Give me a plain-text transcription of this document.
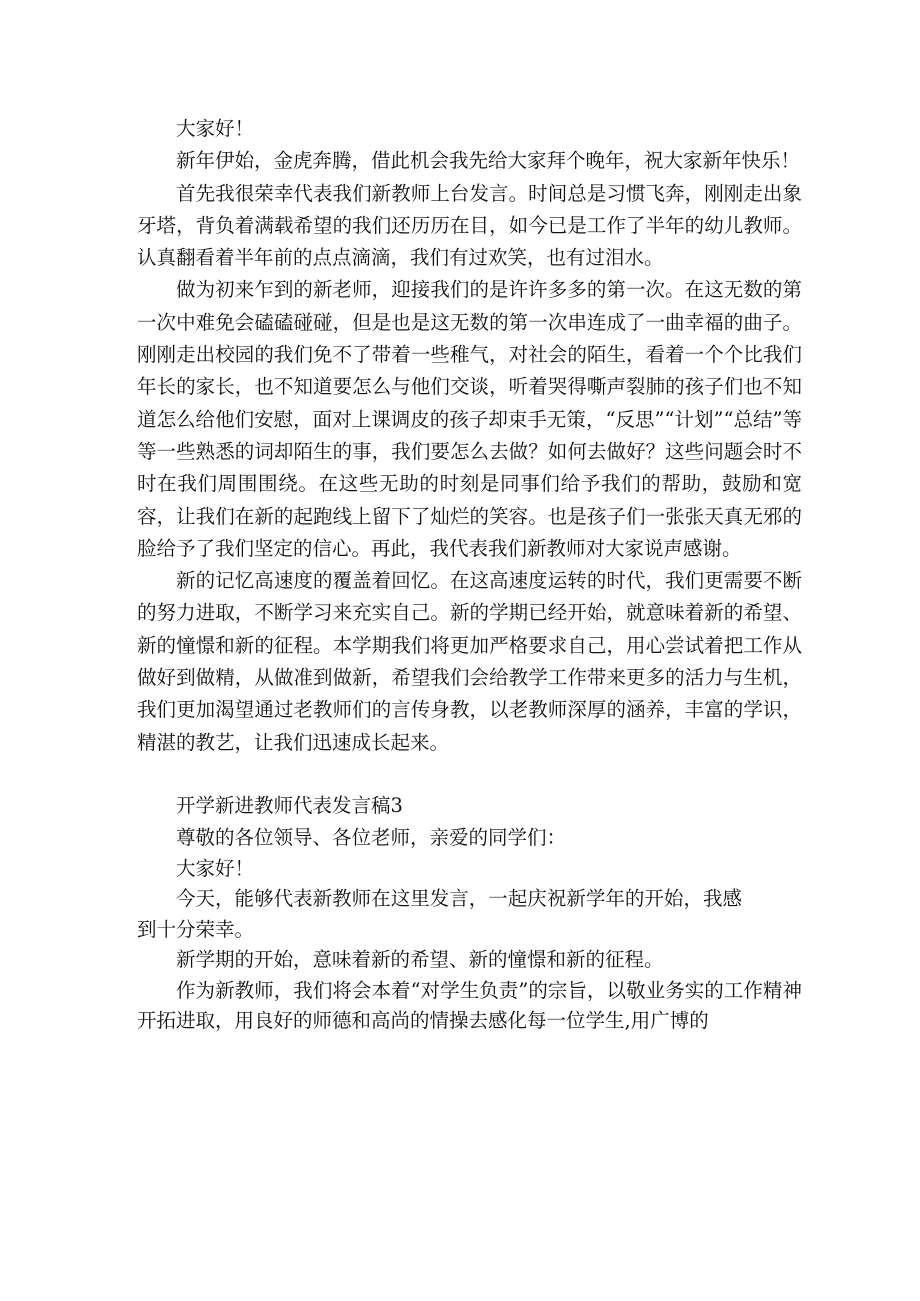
大家好！

新年伊始，金虎奔腾，借此机会我先给大家拜个晚年，祝大家新年快乐！

首先我很荣幸代表我们新教师上台发言。时间总是习惯飞奔，刚刚走出象牙塔，背负着满载希望的我们还历历在目，如今已是工作了半年的幼儿教师。认真翻看着半年前的点点滴滴，我们有过欢笑，也有过泪水。

做为初来乍到的新老师，迎接我们的是许许多多的第一次。在这无数的第一次中难免会磕磕碰碰，但是也是这无数的第一次串连成了一曲幸福的曲子。刚刚走出校园的我们免不了带着一些稚气，对社会的陌生，看着一个个比我们年长的家长，也不知道要怎么与他们交谈，听着哭得嘶声裂肺的孩子们也不知道怎么给他们安慰，面对上课调皮的孩子却束手无策，“反思”“计划”“总结”等等一些熟悉的词却陌生的事，我们要怎么去做？如何去做好？这些问题会时不时在我们周围围绕。在这些无助的时刻是同事们给予我们的帮助，鼓励和宽容，让我们在新的起跑线上留下了灿烂的笑容。也是孩子们一张张天真无邪的脸给予了我们坚定的信心。再此，我代表我们新教师对大家说声感谢。

新的记忆高速度的覆盖着回忆。在这高速度运转的时代，我们更需要不断的努力进取，不断学习来充实自己。新的学期已经开始，就意味着新的希望、新的憧憬和新的征程。本学期我们将更加严格要求自己，用心尝试着把工作从做好到做精，从做准到做新，希望我们会给教学工作带来更多的活力与生机，我们更加渴望通过老教师们的言传身教，以老教师深厚的涵养，丰富的学识，精湛的教艺，让我们迅速成长起来。

开学新进教师代表发言稿3

尊敬的各位领导、各位老师，亲爱的同学们：

大家好！

今天，能够代表新教师在这里发言，一起庆祝新学年的开始，我感到十分荣幸。

新学期的开始，意味着新的希望、新的憧憬和新的征程。

作为新教师，我们将会本着“对学生负责”的宗旨，以敬业务实的工作精神开拓进取，用良好的师德和高尚的情操去感化每一位学生,用广博的
